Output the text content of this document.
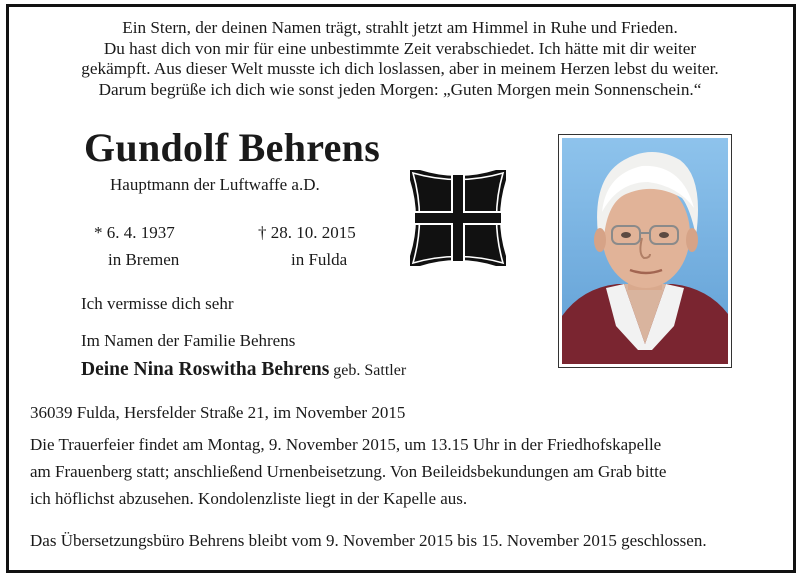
Ein Stern, der deinen Namen trägt, strahlt jetzt am Himmel in Ruhe und Frieden.
Du hast dich von mir für eine unbestimmte Zeit verabschiedet. Ich hätte mit dir weiter
gekämpft. Aus dieser Welt musste ich dich loslassen, aber in meinem Herzen lebst du weiter.
Darum begrüße ich dich wie sonst jeden Morgen: „Guten Morgen mein Sonnenschein.“
Gundolf Behrens
Hauptmann der Luftwaffe a.D.
* 6. 4. 1937
in Bremen
† 28. 10. 2015
in Fulda
Ich vermisse dich sehr
Im Namen der Familie Behrens
Deine Nina Roswitha Behrens geb. Sattler
36039 Fulda, Hersfelder Straße 21, im November 2015
Die Trauerfeier findet am Montag, 9. November 2015, um 13.15 Uhr in der Friedhofskapelle
am Frauenberg statt; anschließend Urnenbeisetzung. Von Beileidsbekundungen am Grab bitte
ich höflichst abzusehen. Kondolenzliste liegt in der Kapelle aus.
Das Übersetzungsbüro Behrens bleibt vom 9. November 2015 bis 15. November 2015 geschlossen.
